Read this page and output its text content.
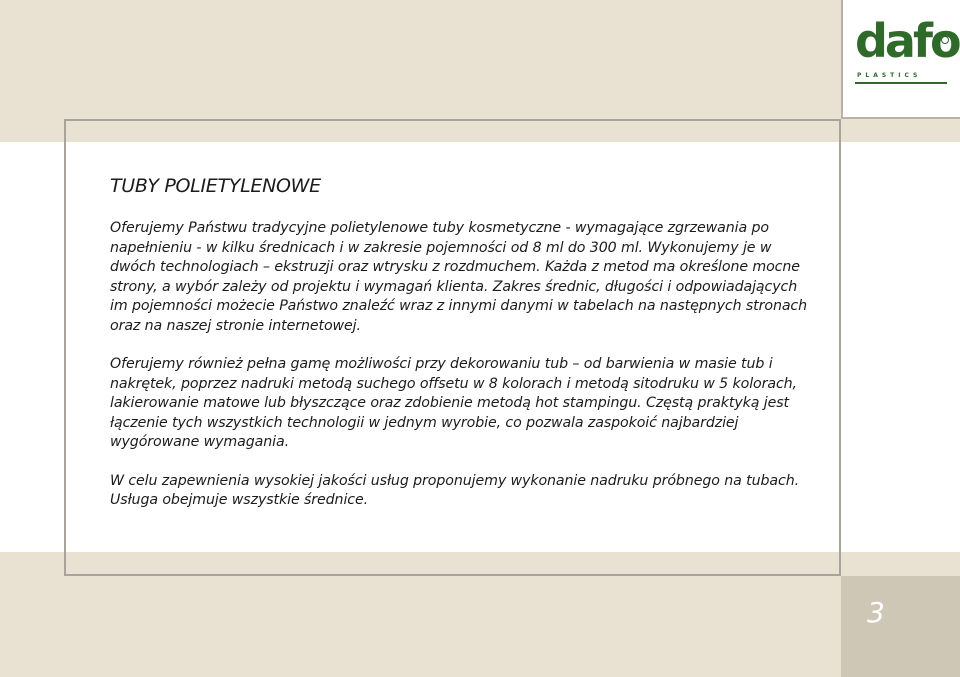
dafo
PLASTICS
TUBY POLIETYLENOWE

Oferujemy Państwu tradycyjne polietylenowe tuby kosmetyczne - wymagające zgrzewania po napełnieniu - w kilku średnicach i w zakresie pojemności od 8 ml do 300 ml. Wykonujemy je w dwóch technologiach – ekstruzji oraz wtrysku z rozdmuchem. Każda z metod ma określone mocne strony, a wybór zależy od projektu i wymagań klienta. Zakres średnic, długości i odpowiadających im pojemności możecie Państwo znaleźć wraz z innymi danymi w tabelach na następnych stronach oraz na naszej stronie internetowej.

Oferujemy również pełna gamę możliwości przy dekorowaniu tub – od barwienia w masie tub i nakrętek, poprzez nadruki metodą suchego offsetu w 8 kolorach i metodą sitodruku w 5 kolorach, lakierowanie matowe lub błyszczące oraz zdobienie metodą hot stampingu. Częstą praktyką jest łączenie tych wszystkich technologii w jednym wyrobie, co pozwala zaspokoić najbardziej wygórowane wymagania.

W celu zapewnienia wysokiej jakości usług proponujemy wykonanie nadruku próbnego na tubach. Usługa obejmuje wszystkie średnice.

3
